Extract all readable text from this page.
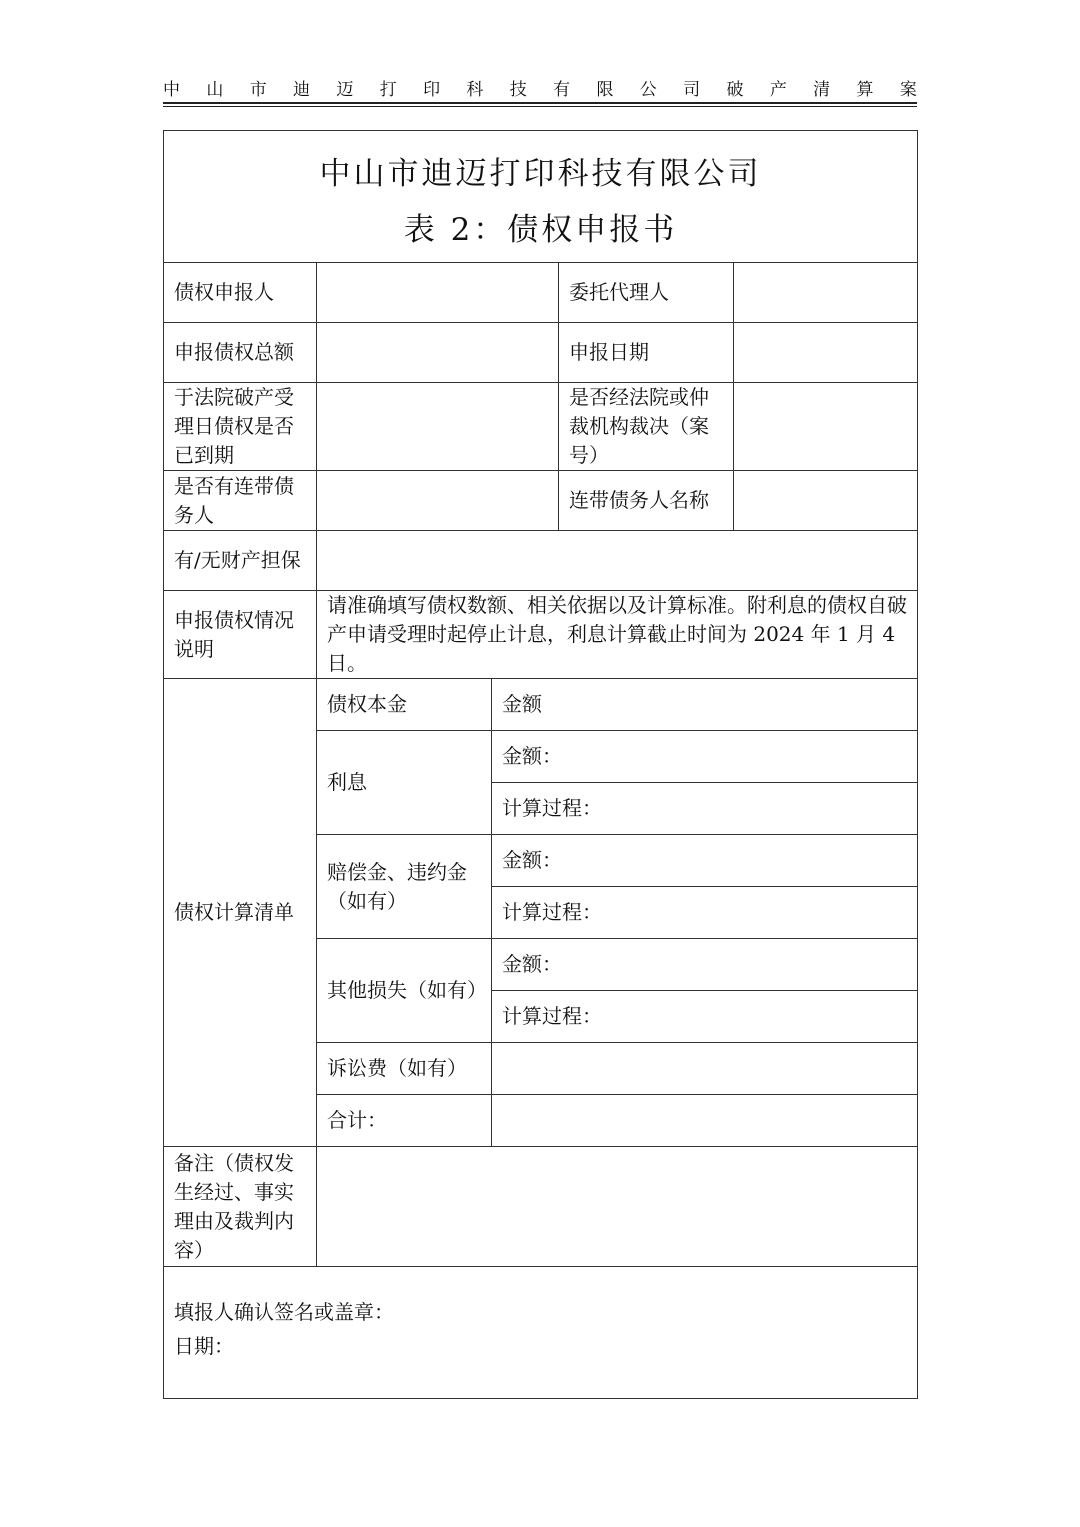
中 山 市 迪 迈 打 印 科 技 有 限 公 司 破 产 清 算 案
中山市迪迈打印科技有限公司
表 2：债权申报书				

债权申报人			委托代理人	
申报债权总额			申报日期	
于法院破产受理日债权是否已到期			是否经法院或仲裁机构裁决（案号）	
是否有连带债务人			连带债务人名称	
有/无财产担保				
申报债权情况说明	请准确填写债权数额、相关依据以及计算标准。附利息的债权自破产申请受理时起停止计息，利息计算截止时间为 2024 年 1 月 4 日。			
债权计算清单	债权本金	金额		
	利息	金额：		
		计算过程：		
	赔偿金、违约金（如有）	金额：		
		计算过程：		
	其他损失（如有）	金额：		
		计算过程：		
	诉讼费（如有）			
	合计：			
备注（债权发生经过、事实理由及裁判内容）				

填报人确认签名或盖章：
日期：				
